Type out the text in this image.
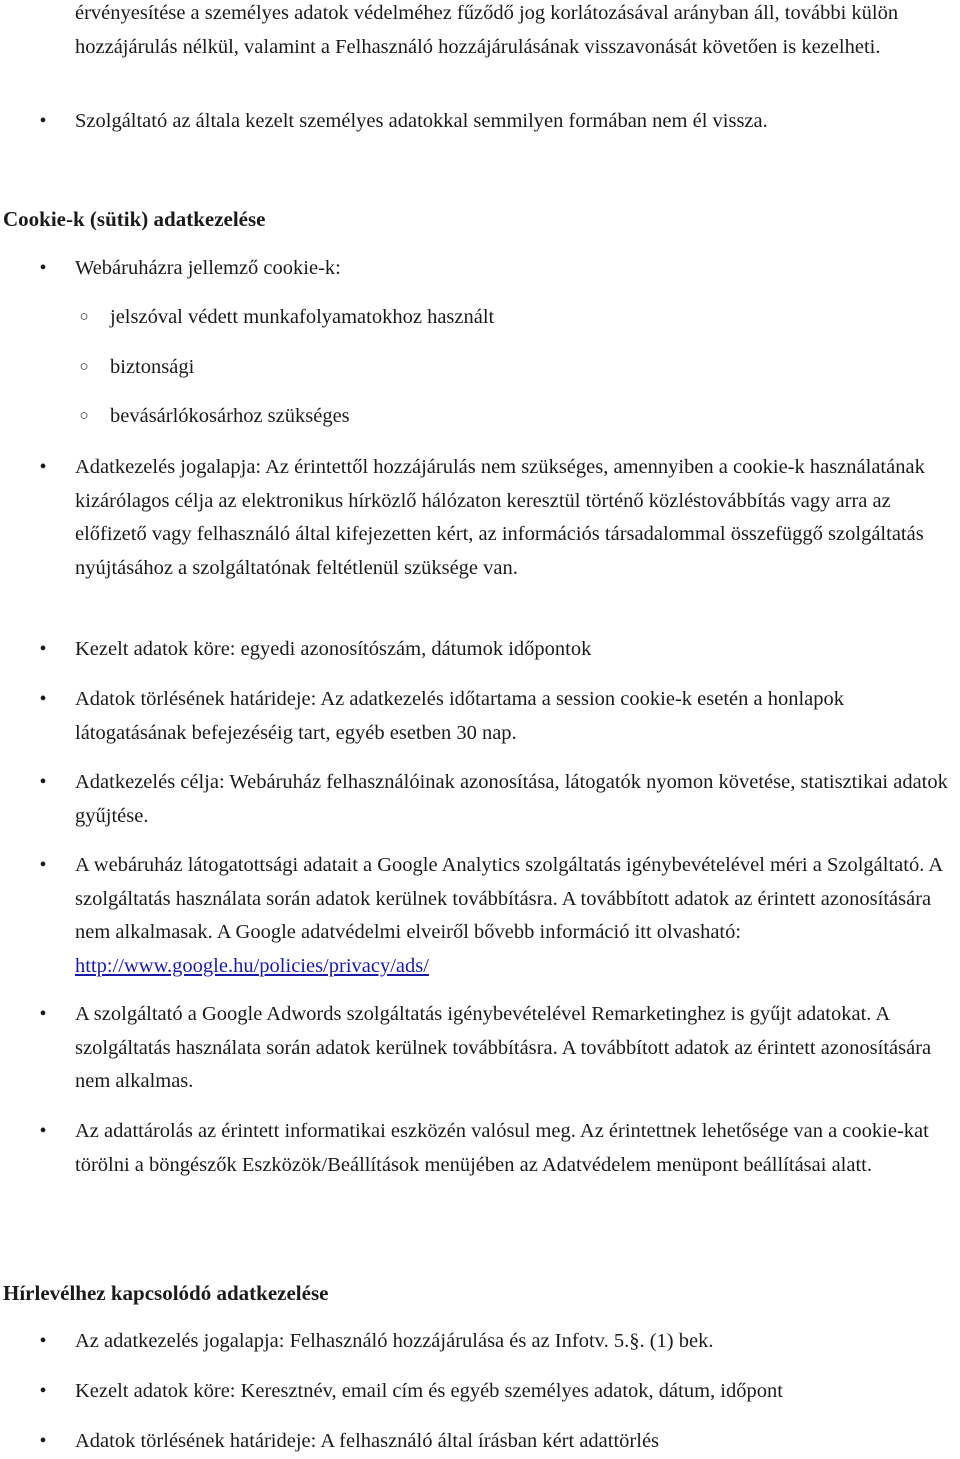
érvényesítése a személyes adatok védelméhez fűződő jog korlátozásával arányban áll, további külön hozzájárulás nélkül, valamint a Felhasználó hozzájárulásának visszavonását követően is kezelheti.
• Szolgáltató az általa kezelt személyes adatokkal semmilyen formában nem él vissza.
Cookie-k (sütik) adatkezelése
• Webáruházra jellemző cookie-k:
○ jelszóval védett munkafolyamatokhoz használt
○ biztonsági
○ bevásárlókosárhoz szükséges
• Adatkezelés jogalapja: Az érintettől hozzájárulás nem szükséges, amennyiben a cookie-k használatának kizárólagos célja az elektronikus hírközlő hálózaton keresztül történő közléstovábbítás vagy arra az előfizető vagy felhasználó által kifejezetten kért, az információs társadalommal összefüggő szolgáltatás nyújtásához a szolgáltatónak feltétlenül szüksége van.
• Kezelt adatok köre: egyedi azonosítószám, dátumok időpontok
• Adatok törlésének határideje: Az adatkezelés időtartama a session cookie-k esetén a honlapok látogatásának befejezéséig tart, egyéb esetben 30 nap.
• Adatkezelés célja: Webáruház felhasználóinak azonosítása, látogatók nyomon követése, statisztikai adatok gyűjtése.
• A webáruház látogatottsági adatait a Google Analytics szolgáltatás igénybevételével méri a Szolgáltató. A szolgáltatás használata során adatok kerülnek továbbításra. A továbbított adatok az érintett azonosítására nem alkalmasak. A Google adatvédelmi elveiről bővebb információ itt olvasható: http://www.google.hu/policies/privacy/ads/
• A szolgáltató a Google Adwords szolgáltatás igénybevételével Remarketinghez is gyűjt adatokat. A szolgáltatás használata során adatok kerülnek továbbításra. A továbbított adatok az érintett azonosítására nem alkalmas.
• Az adattárolás az érintett informatikai eszközén valósul meg. Az érintettnek lehetősége van a cookie-kat törölni a böngészők Eszközök/Beállítások menüjében az Adatvédelem menüpont beállításai alatt.
Hírlevélhez kapcsolódó adatkezelése
• Az adatkezelés jogalapja: Felhasználó hozzájárulása és az Infotv. 5.§. (1) bek.
• Kezelt adatok köre: Keresztnév, email cím és egyéb személyes adatok, dátum, időpont
• Adatok törlésének határideje: A felhasználó által írásban kért adattörlés
